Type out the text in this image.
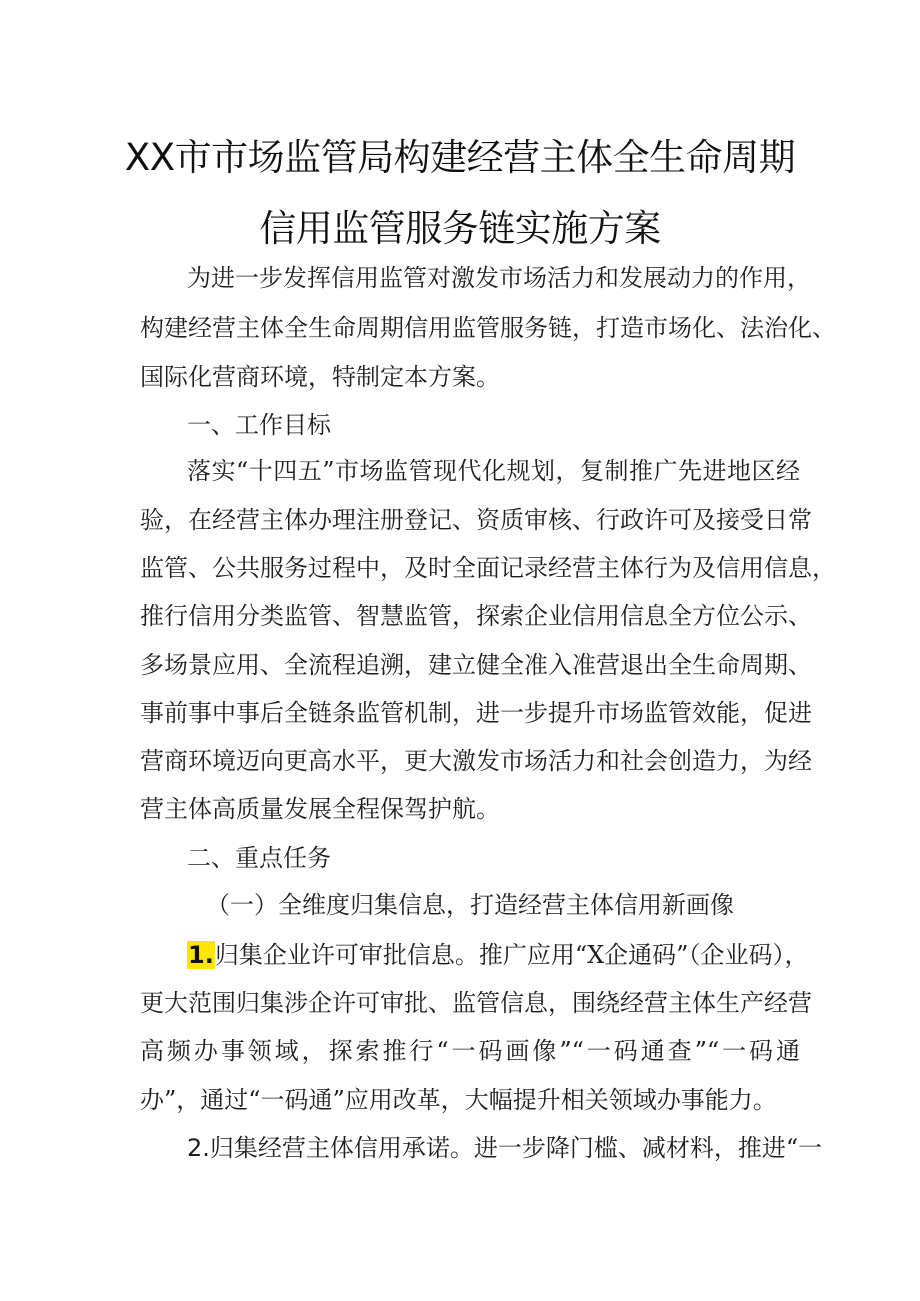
XX市市场监管局构建经营主体全生命周期
信用监管服务链实施方案
为进一步发挥信用监管对激发市场活力和发展动力的作用，
构建经营主体全生命周期信用监管服务链，打造市场化、法治化、
国际化营商环境，特制定本方案。
一、工作目标
落实“十四五”市场监管现代化规划，复制推广先进地区经
验，在经营主体办理注册登记、资质审核、行政许可及接受日常
监管、公共服务过程中，及时全面记录经营主体行为及信用信息，
推行信用分类监管、智慧监管，探索企业信用信息全方位公示、
多场景应用、全流程追溯，建立健全准入准营退出全生命周期、
事前事中事后全链条监管机制，进一步提升市场监管效能，促进
营商环境迈向更高水平，更大激发市场活力和社会创造力，为经
营主体高质量发展全程保驾护航。
二、重点任务
（一）全维度归集信息，打造经营主体信用新画像
1.归集企业许可审批信息。推广应用“X企通码”（企业码），
更大范围归集涉企许可审批、监管信息，围绕经营主体生产经营
高频办事领域，探索推行“一码画像”“一码通查”“一码通
办”，通过“一码通”应用改革，大幅提升相关领域办事能力。
2.归集经营主体信用承诺。进一步降门槛、减材料，推进“一
